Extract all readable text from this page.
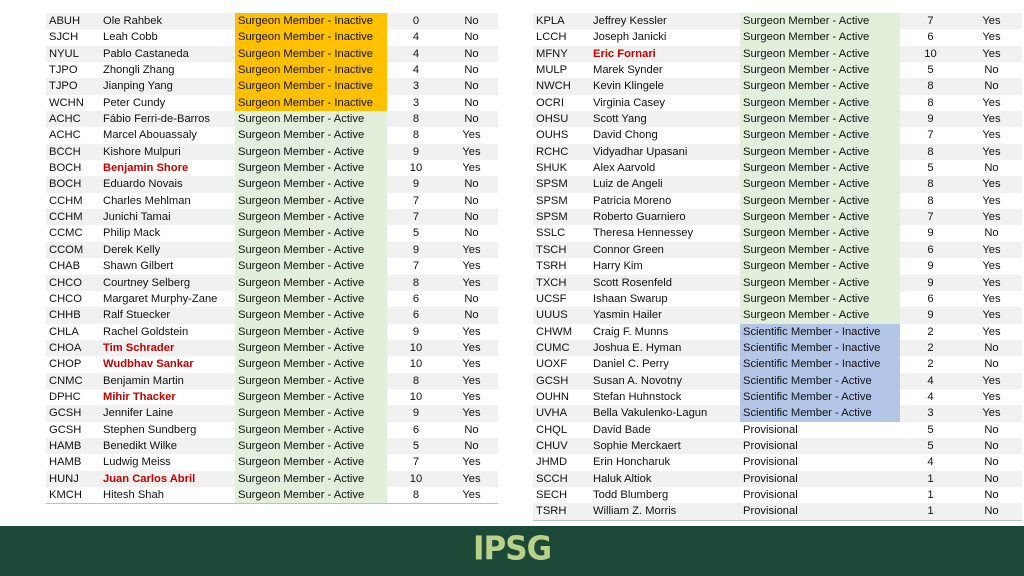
ABUH	Ole Rahbek	Surgeon Member - Inactive	0	No
SJCH	Leah Cobb	Surgeon Member - Inactive	4	No
NYUL	Pablo Castaneda	Surgeon Member - Inactive	4	No
TJPO	Zhongli Zhang	Surgeon Member - Inactive	4	No
TJPO	Jianping Yang	Surgeon Member - Inactive	3	No
WCHN	Peter Cundy	Surgeon Member - Inactive	3	No
ACHC	Fábio Ferri-de-Barros	Surgeon Member - Active	8	No
ACHC	Marcel Abouassaly	Surgeon Member - Active	8	Yes
BCCH	Kishore Mulpuri	Surgeon Member - Active	9	Yes
BOCH	Benjamin Shore	Surgeon Member - Active	10	Yes
BOCH	Eduardo Novais	Surgeon Member - Active	9	No
CCHM	Charles Mehlman	Surgeon Member - Active	7	No
CCHM	Junichi Tamai	Surgeon Member - Active	7	No
CCMC	Philip Mack	Surgeon Member - Active	5	No
CCOM	Derek Kelly	Surgeon Member - Active	9	Yes
CHAB	Shawn Gilbert	Surgeon Member - Active	7	Yes
CHCO	Courtney Selberg	Surgeon Member - Active	8	Yes
CHCO	Margaret Murphy-Zane	Surgeon Member - Active	6	No
CHHB	Ralf Stuecker	Surgeon Member - Active	6	No
CHLA	Rachel Goldstein	Surgeon Member - Active	9	Yes
CHOA	Tim Schrader	Surgeon Member - Active	10	Yes
CHOP	Wudbhav Sankar	Surgeon Member - Active	10	Yes
CNMC	Benjamin Martin	Surgeon Member - Active	8	Yes
DPHC	Mihir Thacker	Surgeon Member - Active	10	Yes
GCSH	Jennifer Laine	Surgeon Member - Active	9	Yes
GCSH	Stephen Sundberg	Surgeon Member - Active	6	No
HAMB	Benedikt Wilke	Surgeon Member - Active	5	No
HAMB	Ludwig Meiss	Surgeon Member - Active	7	Yes
HUNJ	Juan Carlos Abril	Surgeon Member - Active	10	Yes
KMCH	Hitesh Shah	Surgeon Member - Active	8	Yes
KPLA	Jeffrey Kessler	Surgeon Member - Active	7	Yes
LCCH	Joseph Janicki	Surgeon Member - Active	6	Yes
MFNY	Eric Fornari	Surgeon Member - Active	10	Yes
MULP	Marek Synder	Surgeon Member - Active	5	No
NWCH	Kevin Klingele	Surgeon Member - Active	8	No
OCRI	Virginia Casey	Surgeon Member - Active	8	Yes
OHSU	Scott Yang	Surgeon Member - Active	9	Yes
OUHS	David Chong	Surgeon Member - Active	7	Yes
RCHC	Vidyadhar Upasani	Surgeon Member - Active	8	Yes
SHUK	Alex Aarvold	Surgeon Member - Active	5	No
SPSM	Luiz de Angeli	Surgeon Member - Active	8	Yes
SPSM	Patricia Moreno	Surgeon Member - Active	8	Yes
SPSM	Roberto Guarniero	Surgeon Member - Active	7	Yes
SSLC	Theresa Hennessey	Surgeon Member - Active	9	No
TSCH	Connor Green	Surgeon Member - Active	6	Yes
TSRH	Harry Kim	Surgeon Member - Active	9	Yes
TXCH	Scott Rosenfeld	Surgeon Member - Active	9	Yes
UCSF	Ishaan Swarup	Surgeon Member - Active	6	Yes
UUUS	Yasmin Hailer	Surgeon Member - Active	9	Yes
CHWM	Craig F. Munns	Scientific Member - Inactive	2	Yes
CUMC	Joshua E. Hyman	Scientific Member - Inactive	2	No
UOXF	Daniel C. Perry	Scientific Member - Inactive	2	No
GCSH	Susan A. Novotny	Scientific Member - Active	4	Yes
OUHN	Stefan Huhnstock	Scientific Member - Active	4	Yes
UVHA	Bella Vakulenko-Lagun	Scientific Member - Active	3	Yes
CHQL	David Bade	Provisional	5	No
CHUV	Sophie Merckaert	Provisional	5	No
JHMD	Erin Honcharuk	Provisional	4	No
SCCH	Haluk Altiok	Provisional	1	No
SECH	Todd Blumberg	Provisional	1	No
TSRH	William Z. Morris	Provisional	1	No
IPSG
